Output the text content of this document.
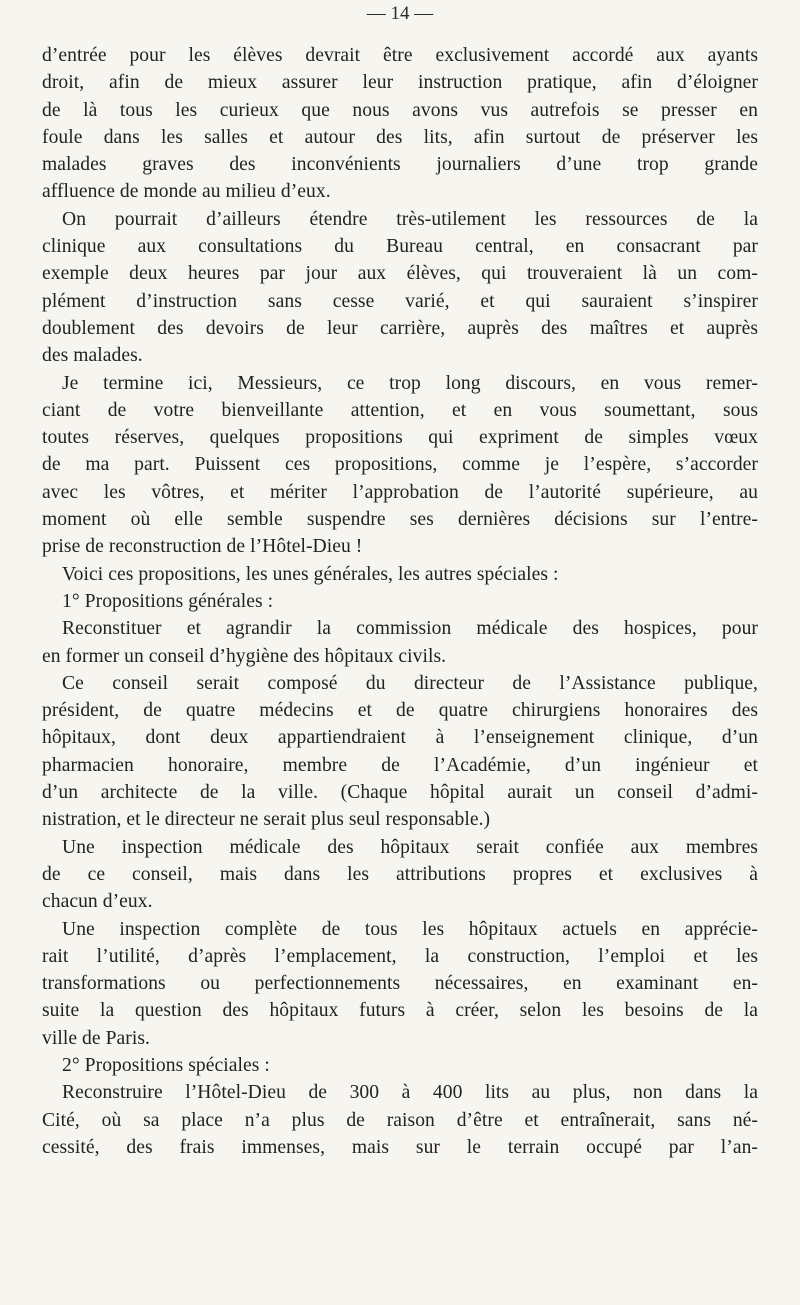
— 14 —
d’entrée pour les élèves devrait être exclusivement accordé aux ayants
droit, afin de mieux assurer leur instruction pratique, afin d’éloigner
de là tous les curieux que nous avons vus autrefois se presser en
foule dans les salles et autour des lits, afin surtout de préserver les
malades graves des inconvénients journaliers d’une trop grande
affluence de monde au milieu d’eux.
On pourrait d’ailleurs étendre très-utilement les ressources de la
clinique aux consultations du Bureau central, en consacrant par
exemple deux heures par jour aux élèves, qui trouveraient là un com-
plément d’instruction sans cesse varié, et qui sauraient s’inspirer
doublement des devoirs de leur carrière, auprès des maîtres et auprès
des malades.
Je termine ici, Messieurs, ce trop long discours, en vous remer-
ciant de votre bienveillante attention, et en vous soumettant, sous
toutes réserves, quelques propositions qui expriment de simples vœux
de ma part. Puissent ces propositions, comme je l’espère, s’accorder
avec les vôtres, et mériter l’approbation de l’autorité supérieure, au
moment où elle semble suspendre ses dernières décisions sur l’entre-
prise de reconstruction de l’Hôtel-Dieu !
Voici ces propositions, les unes générales, les autres spéciales :
1° Propositions générales :
Reconstituer et agrandir la commission médicale des hospices, pour
en former un conseil d’hygiène des hôpitaux civils.
Ce conseil serait composé du directeur de l’Assistance publique,
président, de quatre médecins et de quatre chirurgiens honoraires des
hôpitaux, dont deux appartiendraient à l’enseignement clinique, d’un
pharmacien honoraire, membre de l’Académie, d’un ingénieur et
d’un architecte de la ville. (Chaque hôpital aurait un conseil d’admi-
nistration, et le directeur ne serait plus seul responsable.)
Une inspection médicale des hôpitaux serait confiée aux membres
de ce conseil, mais dans les attributions propres et exclusives à
chacun d’eux.
Une inspection complète de tous les hôpitaux actuels en apprécie-
rait l’utilité, d’après l’emplacement, la construction, l’emploi et les
transformations ou perfectionnements nécessaires, en examinant en-
suite la question des hôpitaux futurs à créer, selon les besoins de la
ville de Paris.
2° Propositions spéciales :
Reconstruire l’Hôtel-Dieu de 300 à 400 lits au plus, non dans la
Cité, où sa place n’a plus de raison d’être et entraînerait, sans né-
cessité, des frais immenses, mais sur le terrain occupé par l’an-
